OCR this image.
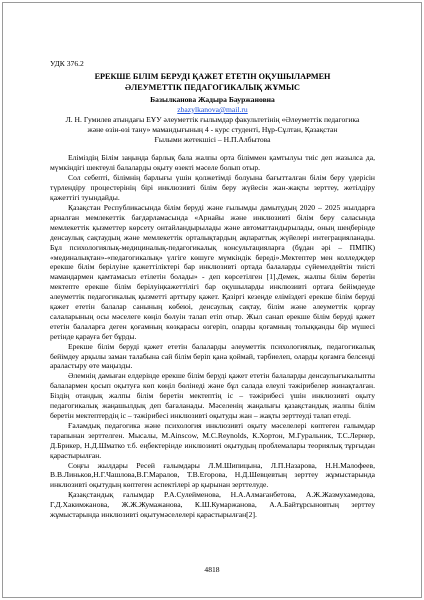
УДК 376.2
ЕРЕКШЕ БІЛІМ БЕРУДІ ҚАЖЕТ ЕТЕТІН ОҚУШЫЛАРМЕН
ӘЛЕУМЕТТІК ПЕДАГОГИКАЛЫҚ ЖҰМЫС
Базылканова Жадыра Бауржановна
zbazylkanova@mail.ru
Л. Н. Гумилев атындағы ЕҰУ әлеуметтік ғылымдар факультетінің «Әлеуметтік педагогика
және өзін-өзі тану» мамандығының 4 - курс студенті, Нұр-Сұлтан, Қазақстан
Ғылыми жетекшісі – Н.П.Албытова

Еліміздің Білім заңында барлық бала жалпы орта біліммен қамтылуы тиіс деп жазылса да, мүмкіндігі шектеулі балаларды оқыту өзекті мәселе болып отыр.

Сол себепті, білімнің барлығы үшін қолжетімді болуына бағытталған білім беру үдерісін түрлендіру процестерінің бірі инклюзивті білім беру жүйесін жан-жақты зерттеу, жетілдіру қажеттігі туындайды.

Қазақстан Республикасында білім беруді және ғылымды дамытудың 2020 – 2025 жылдарға арналған мемлекеттік бағдарламасында «Арнайы және инклюзивті білім беру саласында мемлекеттік қызметтер көрсету онтайландырылады және автоматтандырылады, оның шеңберінде денсаулық сақтаудың және мемлекеттік орталықтардың ақпараттық жүйелері интеграцияланады. Бұл психологиялық-медициналық-педагогикалық консультацияларға (бұдан әрі – ПМПК) «мединалықтан»-«педагогикалық» үлгіге көшуге мүмкіндік береді».Мектептер мен колледждер ерекше білім берілуіне қажеттіліктері бар инклюзивті ортада балаларды сүйемелдейтін тиісті мамандармен қамтамасыз етілетін болады» - деп көрсетілген [1].Демек, жалпы білім беретін мектепте ерекше білім берілуіңкажеттілігі бар оқушыларды инклюзивті ортаға бейімдеуде әлеуметтік педагогикалық қызметті арттыру қажет. Қазіргі кезеңде еліміздегі ерекше білім беруді қажет ететін балалар санының көбеюі, денсаулық сақтау, білім және әлеуметтік қорғау салаларының осы мәселеге көңіл бөлуін талап етіп отыр. Жыл санап ерекше білім беруді қажет ететін балаларға деген қоғамның көзқарасы өзгеріп, оларды қоғамның толыққанды бір мүшесі ретінде қарауға бет бұрды.

Ерекше білім беруді қажет ететін балаларды әлеуметтік психологиялық, педагогикалық бейімдеу арқылы заман талабына сай білім беріп қана қоймай, тәрбиелеп, оларды қоғамға белсенді араластыру өте маңызды.

Әлемнің дамыған елдерінде ерекше білім беруді қажет ететін балаларды денсаулығыкалыпты балалармен қосып оқытуға көп көңіл бөлінеді және бұл салада елеулі тәжірибелер жинақталған. Біздің отандық жалпы білім беретін мектептің іс – тәжірибесі үшін инклюзивті оқыту педагогикалық жаңашылдық деп бағаланады. Мәселенің жаңалығы қазақстандық жалпы білім беретін мектептердің іс – тәжірибесі инклюзивті оқытуды жан – жақты зерттеуді талап етеді.

Ғаламдық педагогика және психология инклюзивті оқыту мәселелері көптеген ғалымдар тарапынан зерттелген. Мысалы, М.Ainscow, M.C.Reynolds, К.Хортон, М.Гуральник, Т.С.Лернер, Д.Брикер, Н.Д.Шматко т.б. еңбектерінде инклюзивті оқытудың проблемалары теориялық тұрғыдан қарастырылған.

Соңғы жылдары Ресей ғалымдары Л.М.Шипицына, Л.П.Назарова, Н.Н.Малофеев, В.В.Линьков,Н.Г.Чашлова,В.Г.Маралов, Т.В.Егорова, Н.Д.Шевцевтың зерттеу жұмыстарында инклюзивті оқытудың көптеген аспектілері әр қырынан зерттелуде.

Қазақстандық ғалымдар Р.А.Сулейменова, Н.А.Алмағанбетова, А.Ж.Жазмухамедова, Г.Д.Хакимжанова, Ж.Ж.Жумажанова, К.Ш.Кумаржанова, А.А.Байтұрсыновтың зерттеу жұмыстарында инклюзивті оқытумәселелері қарастырылған[2].

4818
